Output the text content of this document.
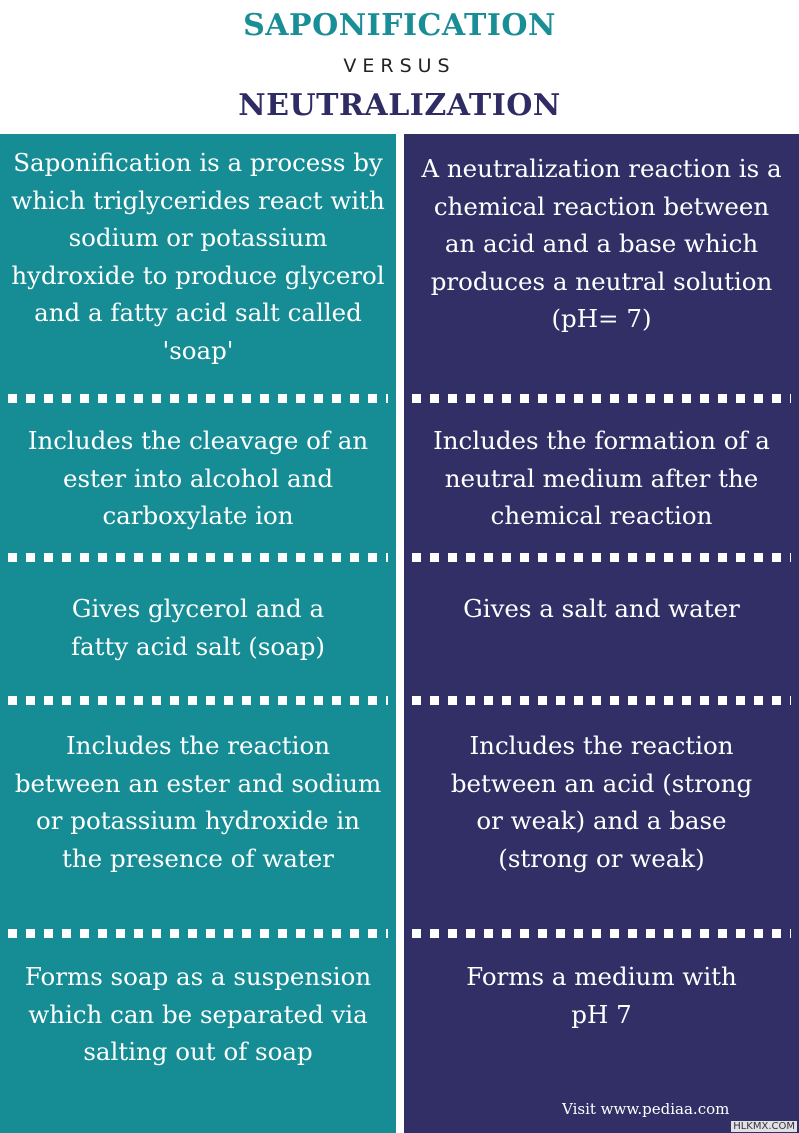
SAPONIFICATION
VERSUS
NEUTRALIZATION
Saponification is a process by which triglycerides react with sodium or potassium hydroxide to produce glycerol and a fatty acid salt called 'soap'
Includes the cleavage of an ester into alcohol and carboxylate ion
Gives glycerol and a fatty acid salt (soap)
Includes the reaction between an ester and sodium or potassium hydroxide in the presence of water
Forms soap as a suspension which can be separated via salting out of soap
A neutralization reaction is a chemical reaction between an acid and a base which produces a neutral solution (pH= 7)
Includes the formation of a neutral medium after the chemical reaction
Gives a salt and water
Includes the reaction between an acid (strong or weak) and a base (strong or weak)
Forms a medium with pH 7
Visit www.pediaa.com
HLKMX.COM
